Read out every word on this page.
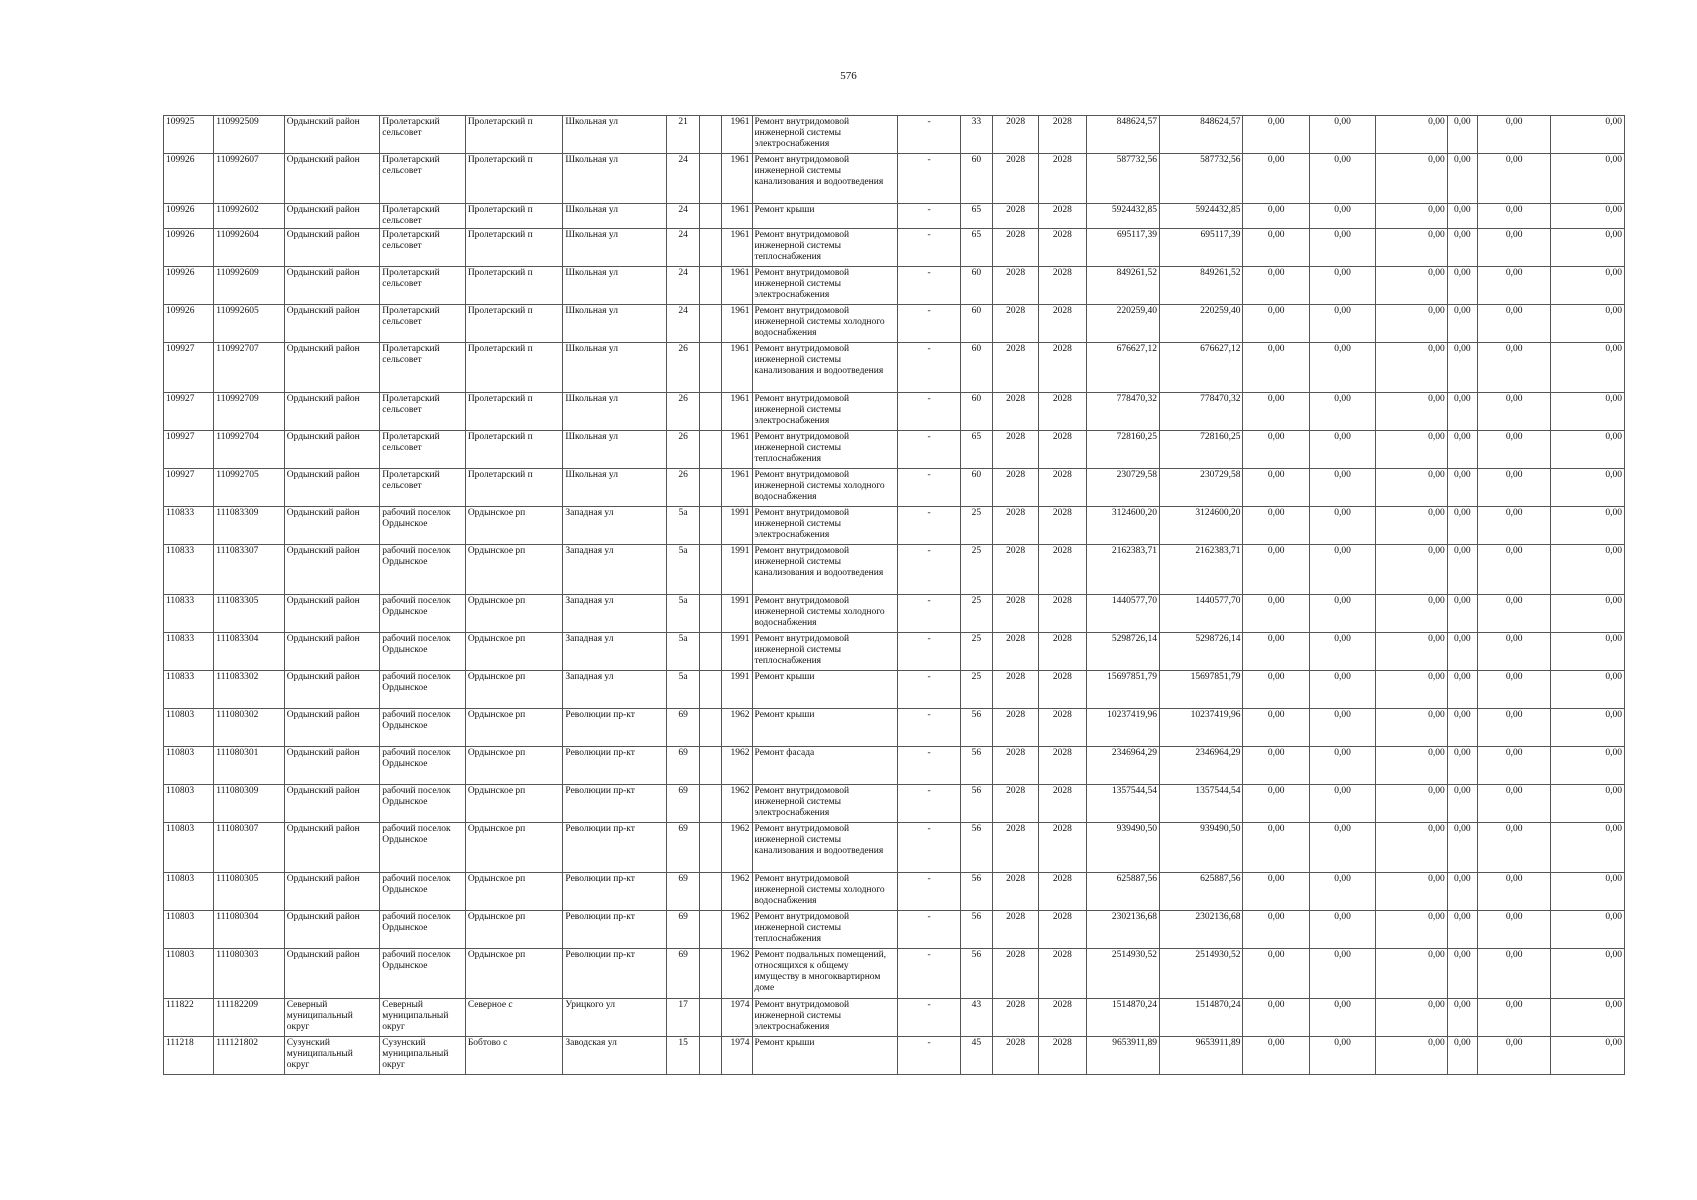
576
109925	110992509	Ордынский район	Пролетарский сельсовет	Пролетарский п	Школьная ул	21		1961	Ремонт внутридомовой инженерной системы электроснабжения	-	33	2028	2028	848624,57	848624,57	0,00	0,00	0,00	0,00	0,00	0,00
109926	110992607	Ордынский район	Пролетарский сельсовет	Пролетарский п	Школьная ул	24		1961	Ремонт внутридомовой инженерной системы канализования и водоотведения	-	60	2028	2028	587732,56	587732,56	0,00	0,00	0,00	0,00	0,00	0,00
109926	110992602	Ордынский район	Пролетарский сельсовет	Пролетарский п	Школьная ул	24		1961	Ремонт крыши	-	65	2028	2028	5924432,85	5924432,85	0,00	0,00	0,00	0,00	0,00	0,00
109926	110992604	Ордынский район	Пролетарский сельсовет	Пролетарский п	Школьная ул	24		1961	Ремонт внутридомовой инженерной системы теплоснабжения	-	65	2028	2028	695117,39	695117,39	0,00	0,00	0,00	0,00	0,00	0,00
109926	110992609	Ордынский район	Пролетарский сельсовет	Пролетарский п	Школьная ул	24		1961	Ремонт внутридомовой инженерной системы электроснабжения	-	60	2028	2028	849261,52	849261,52	0,00	0,00	0,00	0,00	0,00	0,00
109926	110992605	Ордынский район	Пролетарский сельсовет	Пролетарский п	Школьная ул	24		1961	Ремонт внутридомовой инженерной системы холодного водоснабжения	-	60	2028	2028	220259,40	220259,40	0,00	0,00	0,00	0,00	0,00	0,00
109927	110992707	Ордынский район	Пролетарский сельсовет	Пролетарский п	Школьная ул	26		1961	Ремонт внутридомовой инженерной системы канализования и водоотведения	-	60	2028	2028	676627,12	676627,12	0,00	0,00	0,00	0,00	0,00	0,00
109927	110992709	Ордынский район	Пролетарский сельсовет	Пролетарский п	Школьная ул	26		1961	Ремонт внутридомовой инженерной системы электроснабжения	-	60	2028	2028	778470,32	778470,32	0,00	0,00	0,00	0,00	0,00	0,00
109927	110992704	Ордынский район	Пролетарский сельсовет	Пролетарский п	Школьная ул	26		1961	Ремонт внутридомовой инженерной системы теплоснабжения	-	65	2028	2028	728160,25	728160,25	0,00	0,00	0,00	0,00	0,00	0,00
109927	110992705	Ордынский район	Пролетарский сельсовет	Пролетарский п	Школьная ул	26		1961	Ремонт внутридомовой инженерной системы холодного водоснабжения	-	60	2028	2028	230729,58	230729,58	0,00	0,00	0,00	0,00	0,00	0,00
110833	111083309	Ордынский район	рабочий поселок Ордынское	Ордынское рп	Западная ул	5а		1991	Ремонт внутридомовой инженерной системы электроснабжения	-	25	2028	2028	3124600,20	3124600,20	0,00	0,00	0,00	0,00	0,00	0,00
110833	111083307	Ордынский район	рабочий поселок Ордынское	Ордынское рп	Западная ул	5а		1991	Ремонт внутридомовой инженерной системы канализования и водоотведения	-	25	2028	2028	2162383,71	2162383,71	0,00	0,00	0,00	0,00	0,00	0,00
110833	111083305	Ордынский район	рабочий поселок Ордынское	Ордынское рп	Западная ул	5а		1991	Ремонт внутридомовой инженерной системы холодного водоснабжения	-	25	2028	2028	1440577,70	1440577,70	0,00	0,00	0,00	0,00	0,00	0,00
110833	111083304	Ордынский район	рабочий поселок Ордынское	Ордынское рп	Западная ул	5а		1991	Ремонт внутридомовой инженерной системы теплоснабжения	-	25	2028	2028	5298726,14	5298726,14	0,00	0,00	0,00	0,00	0,00	0,00
110833	111083302	Ордынский район	рабочий поселок Ордынское	Ордынское рп	Западная ул	5а		1991	Ремонт крыши	-	25	2028	2028	15697851,79	15697851,79	0,00	0,00	0,00	0,00	0,00	0,00
110803	111080302	Ордынский район	рабочий поселок Ордынское	Ордынское рп	Революции пр-кт	69		1962	Ремонт крыши	-	56	2028	2028	10237419,96	10237419,96	0,00	0,00	0,00	0,00	0,00	0,00
110803	111080301	Ордынский район	рабочий поселок Ордынское	Ордынское рп	Революции пр-кт	69		1962	Ремонт фасада	-	56	2028	2028	2346964,29	2346964,29	0,00	0,00	0,00	0,00	0,00	0,00
110803	111080309	Ордынский район	рабочий поселок Ордынское	Ордынское рп	Революции пр-кт	69		1962	Ремонт внутридомовой инженерной системы электроснабжения	-	56	2028	2028	1357544,54	1357544,54	0,00	0,00	0,00	0,00	0,00	0,00
110803	111080307	Ордынский район	рабочий поселок Ордынское	Ордынское рп	Революции пр-кт	69		1962	Ремонт внутридомовой инженерной системы канализования и водоотведения	-	56	2028	2028	939490,50	939490,50	0,00	0,00	0,00	0,00	0,00	0,00
110803	111080305	Ордынский район	рабочий поселок Ордынское	Ордынское рп	Революции пр-кт	69		1962	Ремонт внутридомовой инженерной системы холодного водоснабжения	-	56	2028	2028	625887,56	625887,56	0,00	0,00	0,00	0,00	0,00	0,00
110803	111080304	Ордынский район	рабочий поселок Ордынское	Ордынское рп	Революции пр-кт	69		1962	Ремонт внутридомовой инженерной системы теплоснабжения	-	56	2028	2028	2302136,68	2302136,68	0,00	0,00	0,00	0,00	0,00	0,00
110803	111080303	Ордынский район	рабочий поселок Ордынское	Ордынское рп	Революции пр-кт	69		1962	Ремонт подвальных помещений, относящихся к общему имуществу в многоквартирном доме	-	56	2028	2028	2514930,52	2514930,52	0,00	0,00	0,00	0,00	0,00	0,00
111822	111182209	Северный муниципальный округ	Северный муниципальный округ	Северное с	Урицкого ул	17		1974	Ремонт внутридомовой инженерной системы электроснабжения	-	43	2028	2028	1514870,24	1514870,24	0,00	0,00	0,00	0,00	0,00	0,00
111218	111121802	Сузунский муниципальный округ	Сузунский муниципальный округ	Бобтово с	Заводская ул	15		1974	Ремонт крыши	-	45	2028	2028	9653911,89	9653911,89	0,00	0,00	0,00	0,00	0,00	0,00
